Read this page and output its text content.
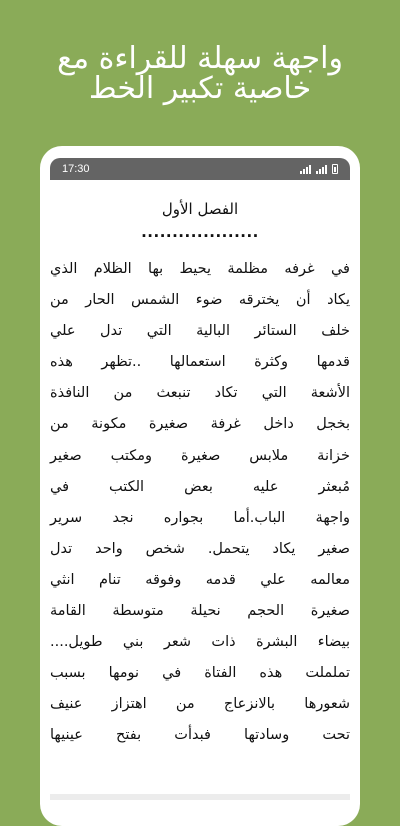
واجهة سهلة للقراءة مع
خاصية تكبير الخط
17:30
الفصل الأول
...................
في غرفه مظلمة يحيط بها الظلام الذي
يكاد أن يخترقه ضوء الشمس الحار من
خلف الستائر البالية التي تدل علي
قدمها وكثرة استعمالها ..تظهر هذه
الأشعة التي تكاد تنبعث من النافذة
بخجل داخل غرفة صغيرة مكونة من
خزانة ملابس صغيرة ومكتب صغير
مُبعثر عليه بعض الكتب في
واجهة الباب.أما بجواره نجد سرير
صغير يكاد يتحمل. شخص واحد تدل
معالمه علي قدمه وفوقه تنام انثي
صغيرة الحجم نحيلة متوسطة القامة
بيضاء البشرة ذات شعر بني طويل....
تململت هذه الفتاة في نومها بسبب
شعورها بالانزعاج من اهتزاز عنيف
تحت وسادتها فبدأت بفتح عينيها
